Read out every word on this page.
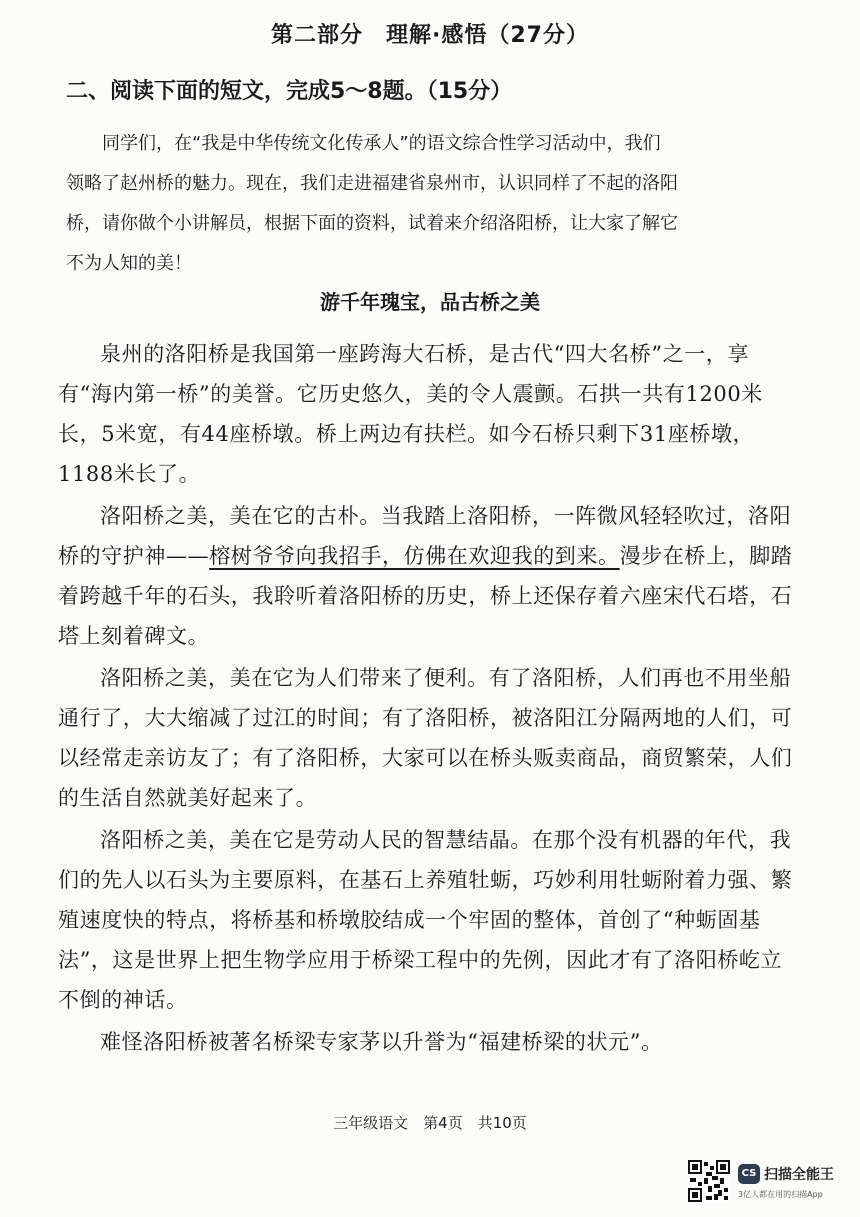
第二部分　理解·感悟（27分）
二、阅读下面的短文，完成5～8题。（15分）

同学们，在“我是中华传统文化传承人”的语文综合性学习活动中，我们

领略了赵州桥的魅力。现在，我们走进福建省泉州市，认识同样了不起的洛阳

桥，请你做个小讲解员，根据下面的资料，试着来介绍洛阳桥，让大家了解它

不为人知的美！

游千年瑰宝，品古桥之美

泉州的洛阳桥是我国第一座跨海大石桥，是古代“四大名桥”之一，享有“海内第一桥”的美誉。它历史悠久，美的令人震颤。石拱一共有1200米长，5米宽，有44座桥墩。桥上两边有扶栏。如今石桥只剩下31座桥墩，1188米长了。

洛阳桥之美，美在它的古朴。当我踏上洛阳桥，一阵微风轻轻吹过，洛阳桥的守护神——榕树爷爷向我招手，仿佛在欢迎我的到来。漫步在桥上，脚踏着跨越千年的石头，我聆听着洛阳桥的历史，桥上还保存着六座宋代石塔，石塔上刻着碑文。

洛阳桥之美，美在它为人们带来了便利。有了洛阳桥，人们再也不用坐船通行了，大大缩减了过江的时间；有了洛阳桥，被洛阳江分隔两地的人们，可以经常走亲访友了；有了洛阳桥，大家可以在桥头贩卖商品，商贸繁荣，人们的生活自然就美好起来了。

洛阳桥之美，美在它是劳动人民的智慧结晶。在那个没有机器的年代，我们的先人以石头为主要原料，在基石上养殖牡蛎，巧妙利用牡蛎附着力强、繁殖速度快的特点，将桥基和桥墩胶结成一个牢固的整体，首创了“种蛎固基法”，这是世界上把生物学应用于桥梁工程中的先例，因此才有了洛阳桥屹立不倒的神话。

难怪洛阳桥被著名桥梁专家茅以升誉为“福建桥梁的状元”。

三年级语文　第4页　共10页
CS 扫描全能王
3亿人都在用的扫描App
